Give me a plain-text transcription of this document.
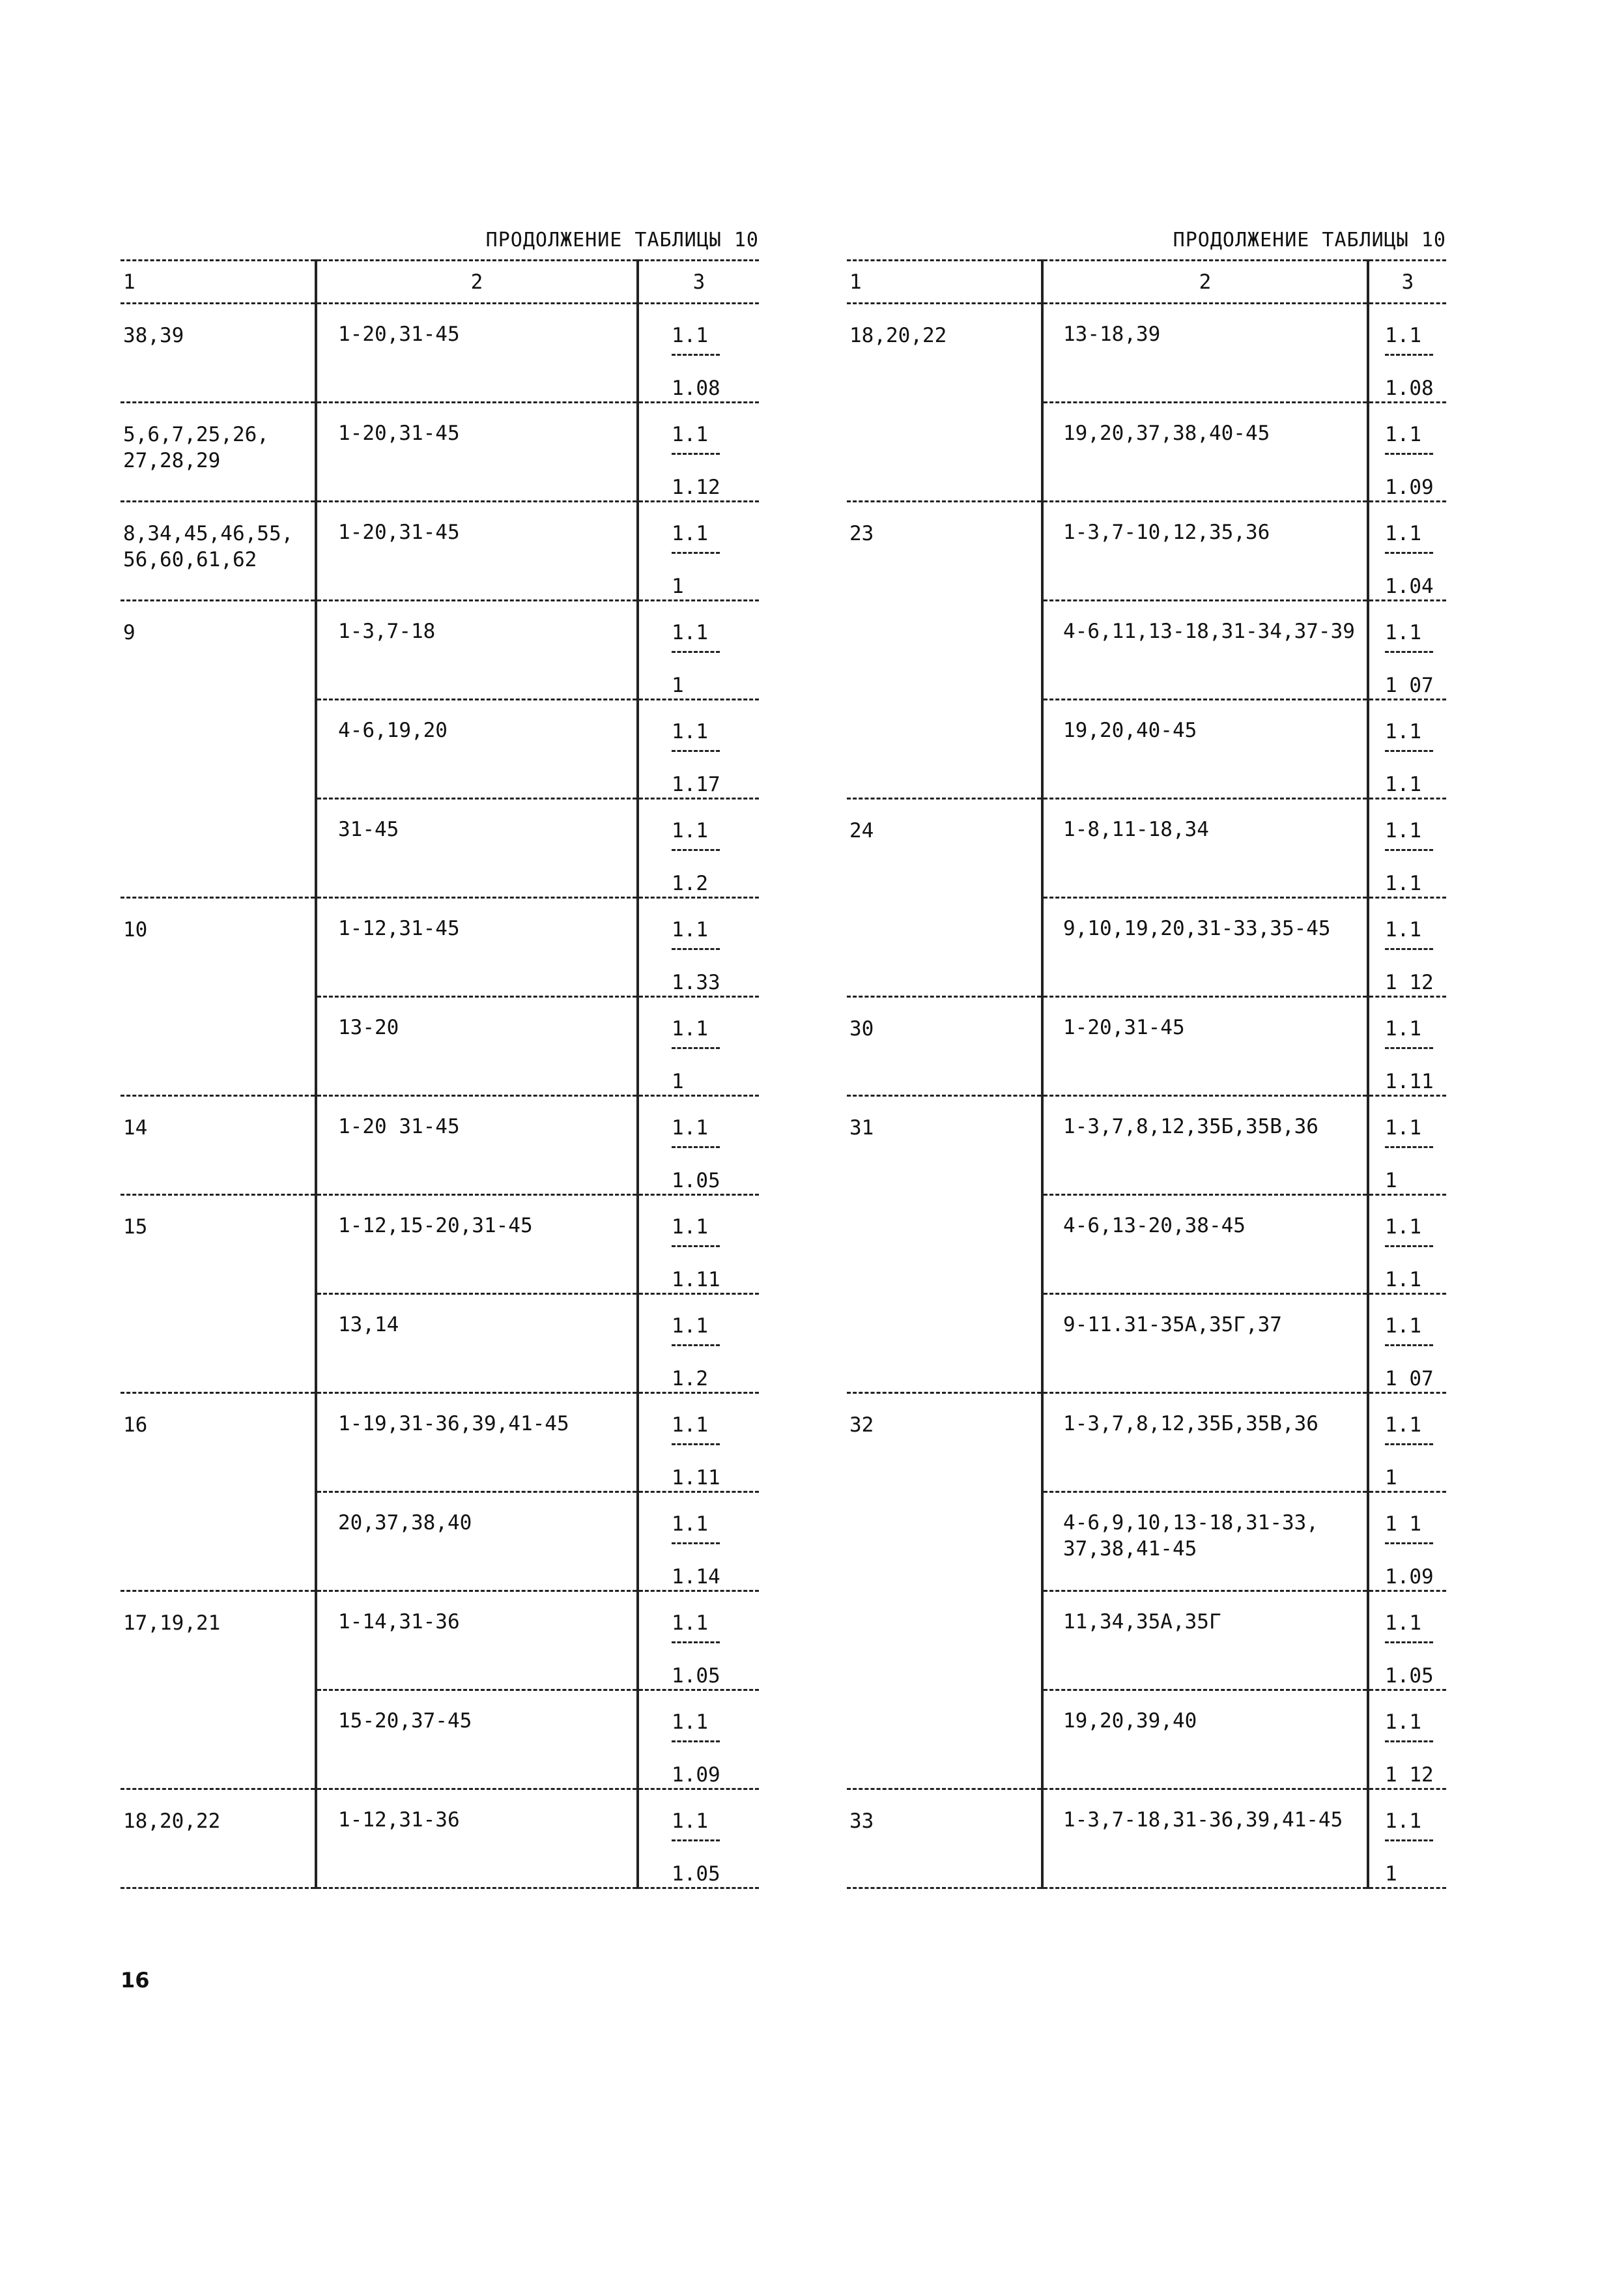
ПРОДОЛЖЕНИЕ ТАБЛИЦЫ 10
1	2	3

38,39	1-20,31-45	1.1
1.08

5,6,7,25,26, 27,28,29	1-20,31-45	1.1
1.12

8,34,45,46,55, 56,60,61,62	1-20,31-45	1.1
1

9	1-3,7-18	1.1
1

	4-6,19,20	1.1
1.17

	31-45	1.1
1.2

10	1-12,31-45	1.1
1.33

	13-20	1.1
1

14	1-20 31-45	1.1
1.05

15	1-12,15-20,31-45	1.1
1.11

	13,14	1.1
1.2

16	1-19,31-36,39,41-45	1.1
1.11

	20,37,38,40	1.1
1.14

17,19,21	1-14,31-36	1.1
1.05

	15-20,37-45	1.1
1.09

18,20,22	1-12,31-36	1.1
1.05
ПРОДОЛЖЕНИЕ ТАБЛИЦЫ 10
1	2	3

18,20,22	13-18,39	1.1
1.08

	19,20,37,38,40-45	1.1
1.09

23	1-3,7-10,12,35,36	1.1
1.04

	4-6,11,13-18,31-34,37-39	1.1
1 07

	19,20,40-45	1.1
1.1

24	1-8,11-18,34	1.1
1.1

	9,10,19,20,31-33,35-45	1.1
1 12

30	1-20,31-45	1.1
1.11

31	1-3,7,8,12,35Б,35В,36	1.1
1

	4-6,13-20,38-45	1.1
1.1

	9-11.31-35А,35Г,37	1.1
1 07

32	1-3,7,8,12,35Б,35В,36	1.1
1

	4-6,9,10,13-18,31-33, 37,38,41-45	1 1
1.09

	11,34,35А,35Г	1.1
1.05

	19,20,39,40	1.1
1 12

33	1-3,7-18,31-36,39,41-45	1.1
1
16
